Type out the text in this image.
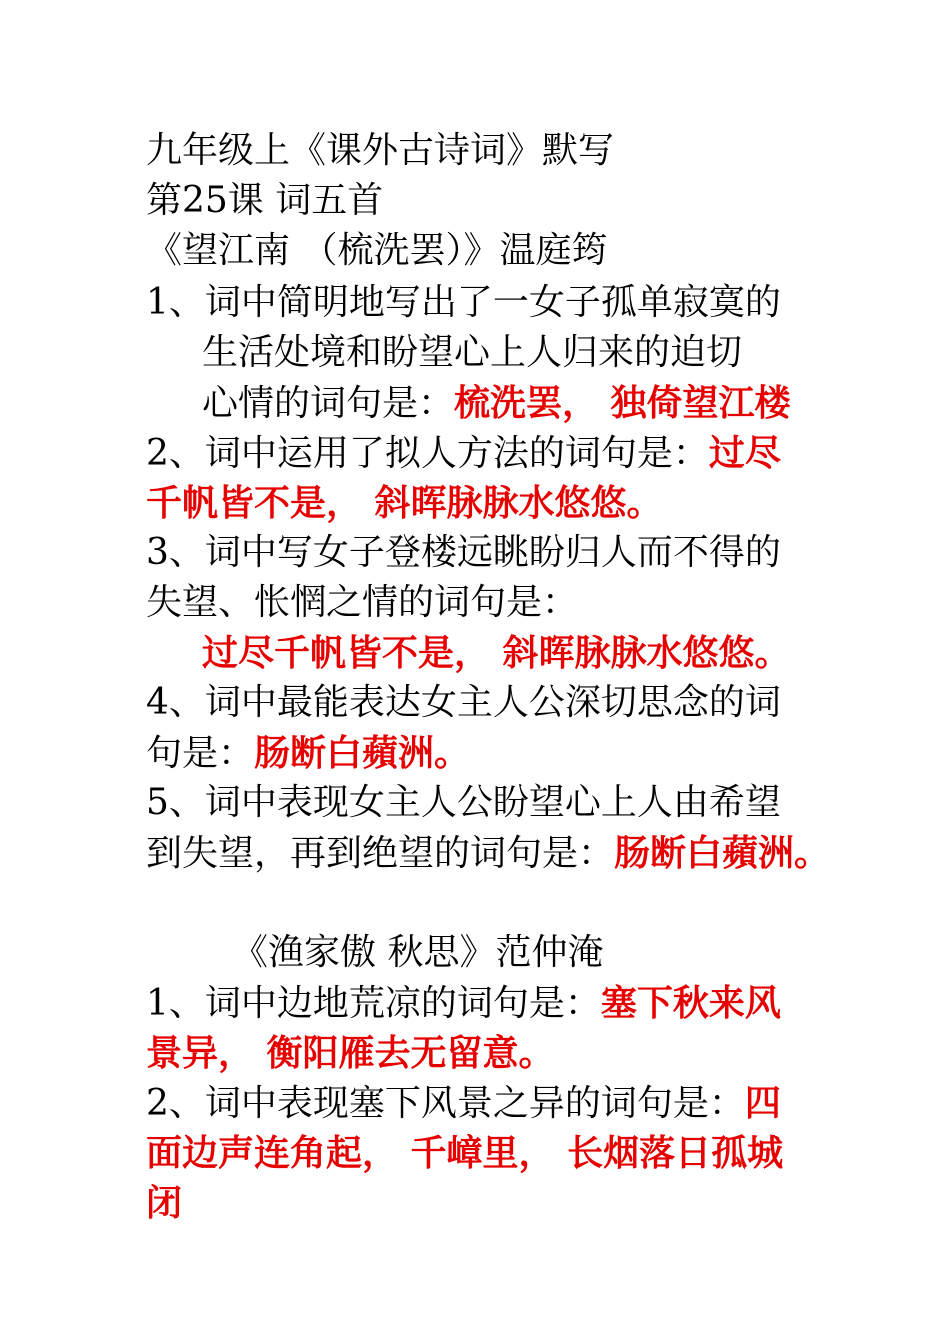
九年级上《课外古诗词》默写
第25课 词五首
《望江南 （梳洗罢）》温庭筠
1、词中简明地写出了一女子孤单寂寞的
生活处境和盼望心上人归来的迫切
心情的词句是：梳洗罢， 独倚望江楼
2、词中运用了拟人方法的词句是：过尽
千帆皆不是， 斜晖脉脉水悠悠。
3、词中写女子登楼远眺盼归人而不得的
失望、怅惘之情的词句是：
过尽千帆皆不是， 斜晖脉脉水悠悠。
4、词中最能表达女主人公深切思念的词
句是：肠断白蘋洲。
5、词中表现女主人公盼望心上人由希望
到失望，再到绝望的词句是：肠断白蘋洲。
《渔家傲 秋思》范仲淹
1、词中边地荒凉的词句是：塞下秋来风
景异， 衡阳雁去无留意。
2、词中表现塞下风景之异的词句是：四
面边声连角起， 千嶂里， 长烟落日孤城
闭
